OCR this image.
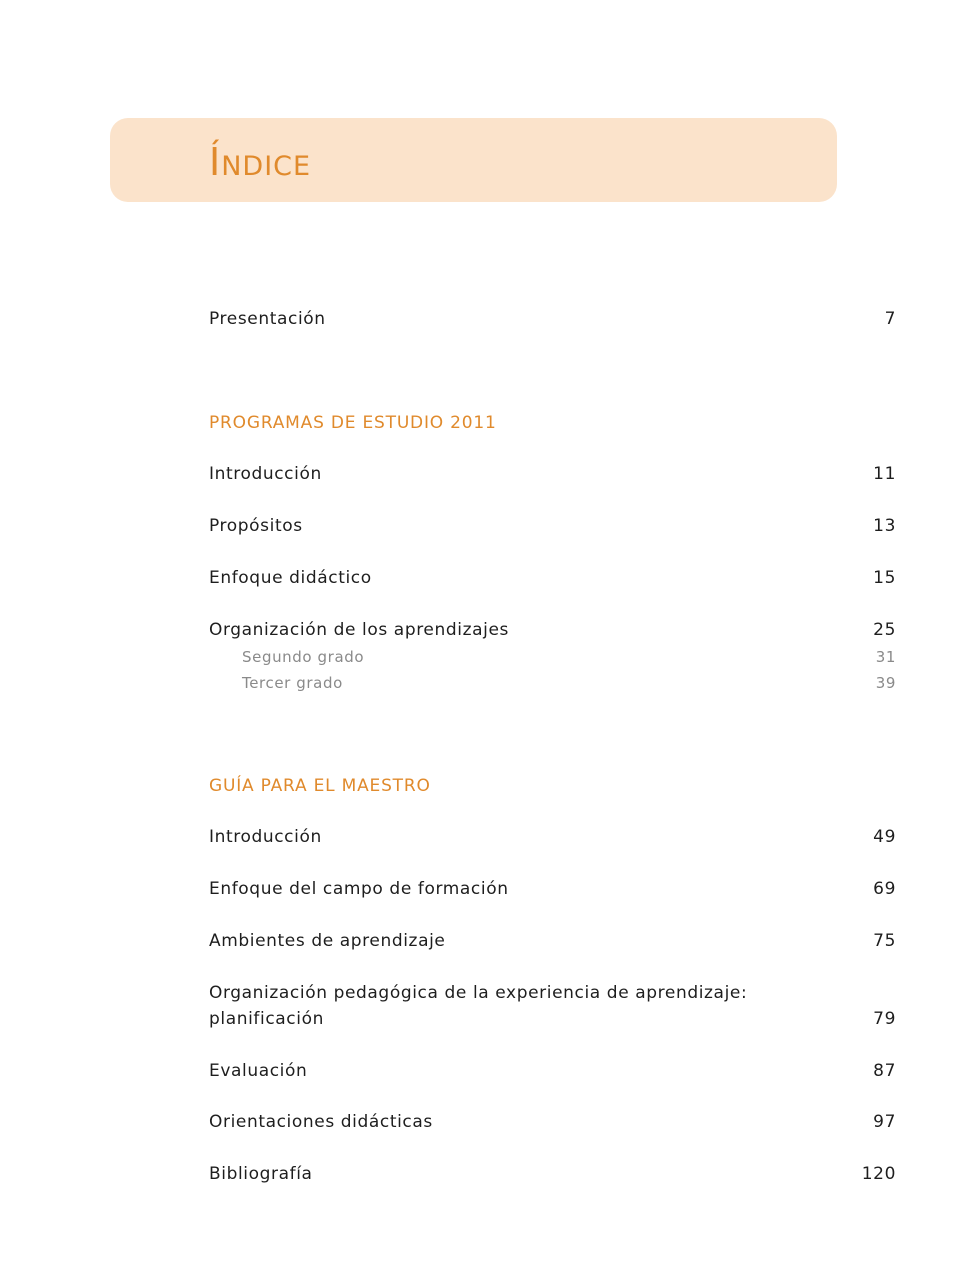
Índice
Presentación	7
PROGRAMAS DE ESTUDIO 2011
Introducción	11
Propósitos	13
Enfoque didáctico	15
Organización de los aprendizajes	25
Segundo grado	31
Tercer grado	39
GUÍA PARA EL MAESTRO
Introducción	49
Enfoque del campo de formación	69
Ambientes de aprendizaje	75
Organización pedagógica de la experiencia de aprendizaje: planificación	79
Evaluación	87
Orientaciones didácticas	97
Bibliografía	120
